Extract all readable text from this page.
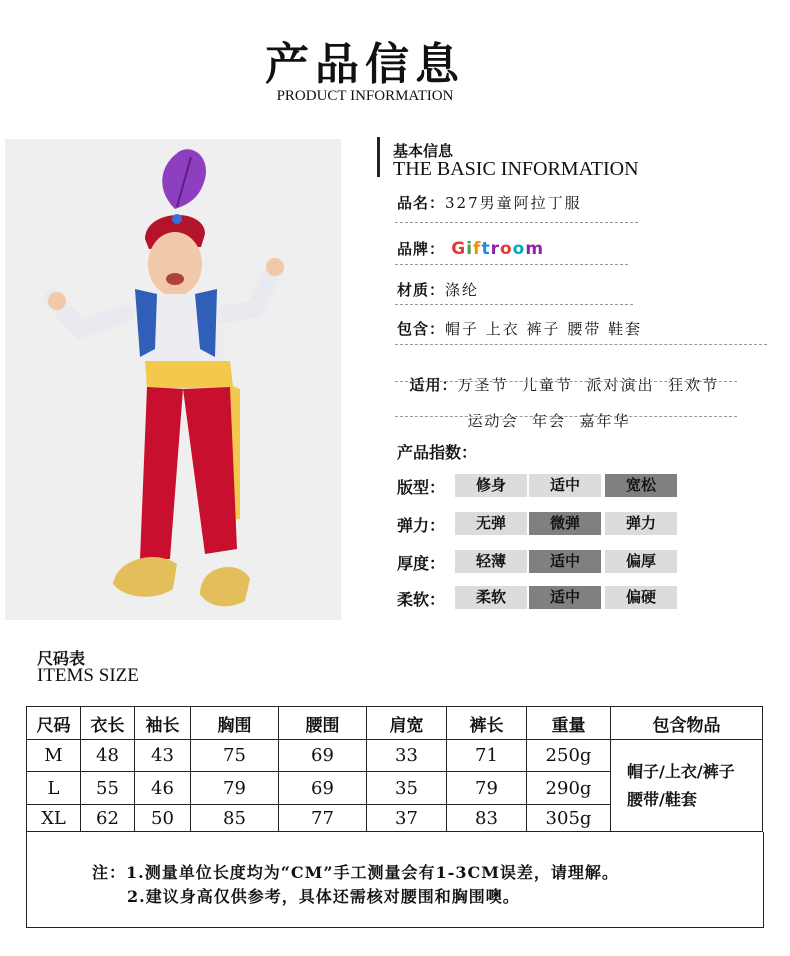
产品信息
PRODUCT INFORMATION
基本信息
THE BASIC INFORMATION
品名：327男童阿拉丁服
品牌： Giftroom
材质：涤纶
包含：帽子 上衣 裤子 腰带 鞋套

适用：万圣节  儿童节  派对演出  狂欢节

运动会  年会  嘉年华

产品指数：
版型：	修身	适中	宽松
弹力：	无弹	微弹	弹力
厚度：	轻薄	适中	偏厚
柔软：	柔软	适中	偏硬
尺码表
ITEMS SIZE
尺码	衣长	袖长	胸围	腰围	肩宽	裤长	重量	包含物品
M	48	43	75	69	33	71	250g	帽子/上衣/裤子
腰带/鞋套

L	55	46	79	69	35	79	290g	
XL	62	50	85	77	37	83	305g	
注：1.测量单位长度均为“CM”手工测量会有1-3CM误差，请理解。
2.建议身高仅供参考，具体还需核对腰围和胸围噢。
